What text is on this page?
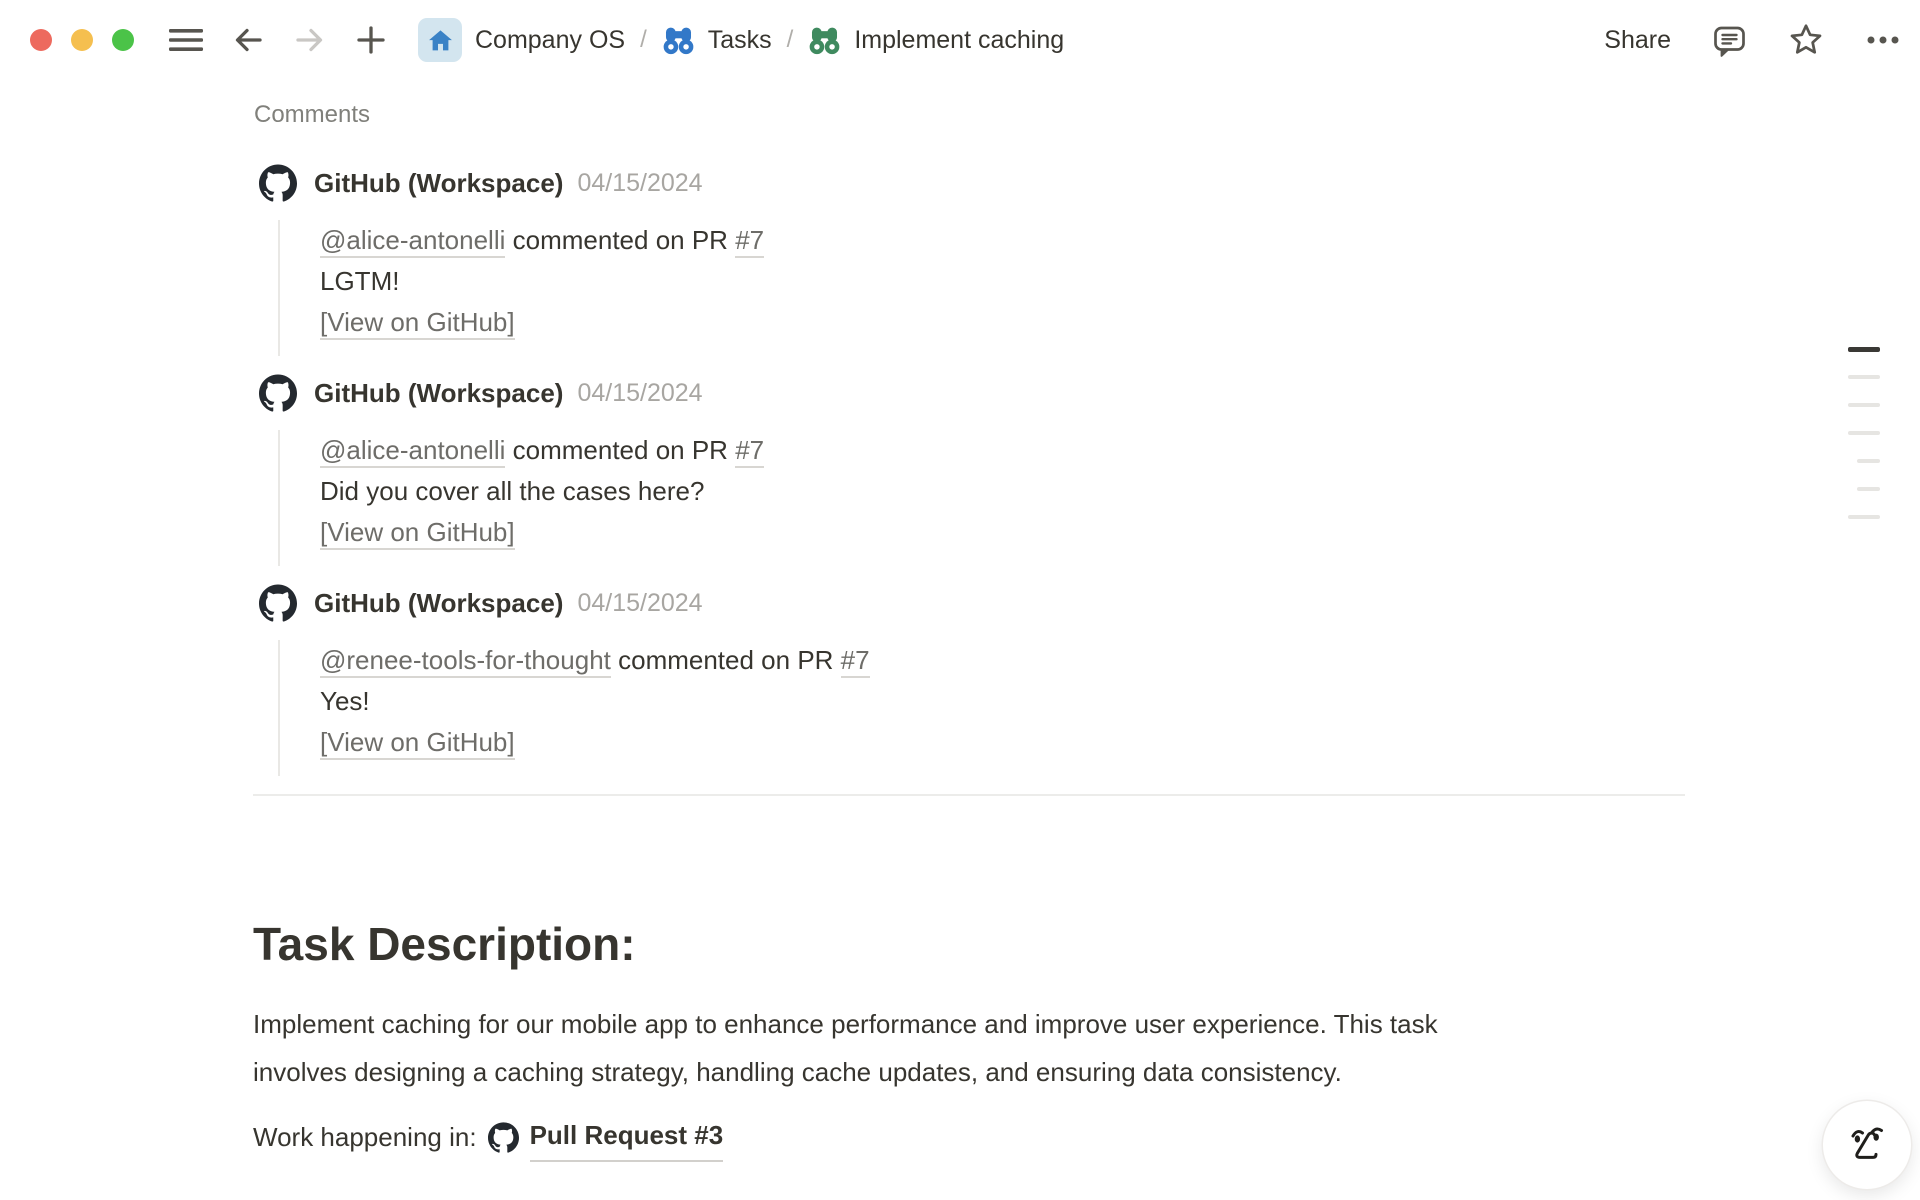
Company OS / Tasks / Implement caching	Share
Comments
GitHub (Workspace) 04/15/2024
@alice-antonelli commented on PR #7
LGTM!
[View on GitHub]
GitHub (Workspace) 04/15/2024
@alice-antonelli commented on PR #7
Did you cover all the cases here?
[View on GitHub]
GitHub (Workspace) 04/15/2024
@renee-tools-for-thought commented on PR #7
Yes!
[View on GitHub]
Task Description:

Implement caching for our mobile app to enhance performance and improve user experience. This task involves designing a caching strategy, handling cache updates, and ensuring data consistency.

Work happening in: Pull Request #3
